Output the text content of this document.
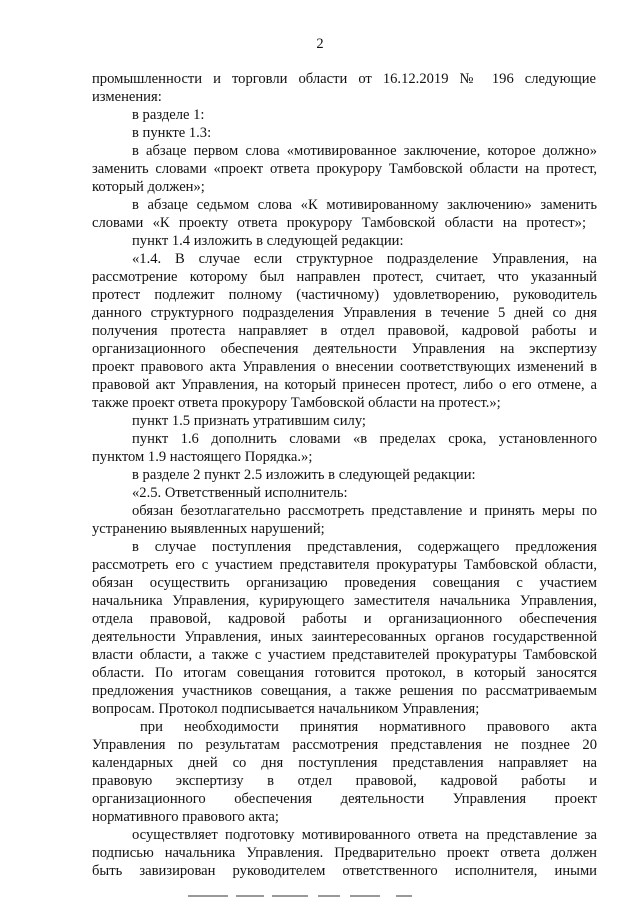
2
промышленности и торговли области от 16.12.2019 № 196 следующие
изменения:
в разделе 1:
в пункте 1.3:
в абзаце первом слова «мотивированное заключение, которое должно»
заменить словами «проект ответа прокурору Тамбовской области на протест,
который должен»;
в абзаце седьмом слова «К мотивированному заключению» заменить
словами «К проекту ответа прокурору Тамбовской области на протест»;
пункт 1.4 изложить в следующей редакции:
«1.4. В случае если структурное подразделение Управления, на
рассмотрение которому был направлен протест, считает, что указанный
протест подлежит полному (частичному) удовлетворению, руководитель
данного структурного подразделения Управления в течение 5 дней со дня
получения протеста направляет в отдел правовой, кадровой работы и
организационного обеспечения деятельности Управления на экспертизу
проект правового акта Управления о внесении соответствующих изменений в
правовой акт Управления, на который принесен протест, либо о его отмене, а
также проект ответа прокурору Тамбовской области на протест.»;
пункт 1.5 признать утратившим силу;
пункт 1.6 дополнить словами «в пределах срока, установленного
пунктом 1.9 настоящего Порядка.»;
в разделе 2 пункт 2.5 изложить в следующей редакции:
«2.5. Ответственный исполнитель:
обязан безотлагательно рассмотреть представление и принять меры по
устранению выявленных нарушений;
в случае поступления представления, содержащего предложения
рассмотреть его с участием представителя прокуратуры Тамбовской области,
обязан осуществить организацию проведения совещания с участием
начальника Управления, курирующего заместителя начальника Управления,
отдела правовой, кадровой работы и организационного обеспечения
деятельности Управления, иных заинтересованных органов государственной
власти области, а также с участием представителей прокуратуры Тамбовской
области. По итогам совещания готовится протокол, в который заносятся
предложения участников совещания, а также решения по рассматриваемым
вопросам. Протокол подписывается начальником Управления;
при необходимости принятия нормативного правового акта
Управления по результатам рассмотрения представления не позднее 20
календарных дней со дня поступления представления направляет на
правовую экспертизу в отдел правовой, кадровой работы и
организационного обеспечения деятельности Управления проект
нормативного правового акта;
осуществляет подготовку мотивированного ответа на представление за
подписью начальника Управления. Предварительно проект ответа должен
быть завизирован руководителем ответственного исполнителя, иными
